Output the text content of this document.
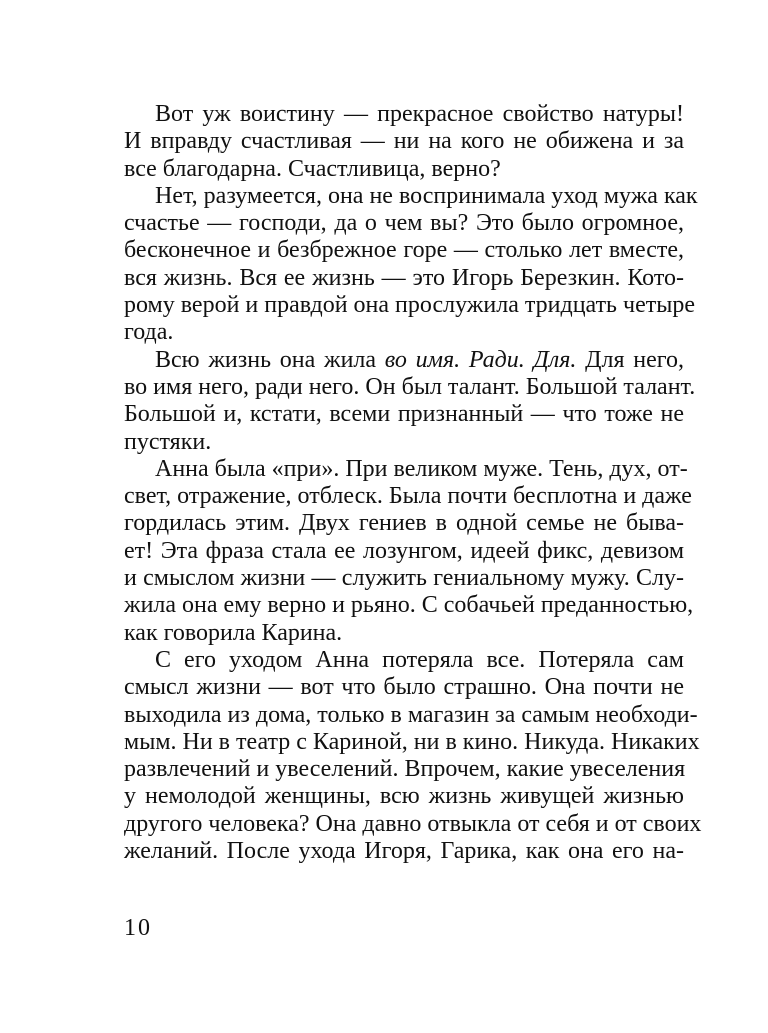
Вот уж воистину — прекрасное свойство натуры!
И вправду счастливая — ни на кого не обижена и за
все благодарна. Счастливица, верно?

Нет, разумеется, она не воспринимала уход мужа как
счастье — господи, да о чем вы? Это было огромное,
бесконечное и безбрежное горе — столько лет вместе,
вся жизнь. Вся ее жизнь — это Игорь Березкин. Кото-
рому верой и правдой она прослужила тридцать четыре
года.

Всю жизнь она жила во имя. Ради. Для. Для него,
во имя него, ради него. Он был талант. Большой талант.
Большой и, кстати, всеми признанный — что тоже не
пустяки.

Анна была «при». При великом муже. Тень, дух, от-
свет, отражение, отблеск. Была почти бесплотна и даже
гордилась этим. Двух гениев в одной семье не быва-
ет! Эта фраза стала ее лозунгом, идеей фикс, девизом
и смыслом жизни — служить гениальному мужу. Слу-
жила она ему верно и рьяно. С собачьей преданностью,
как говорила Карина.

С его уходом Анна потеряла все. Потеряла сам
смысл жизни — вот что было страшно. Она почти не
выходила из дома, только в магазин за самым необходи-
мым. Ни в театр с Кариной, ни в кино. Никуда. Никаких
развлечений и увеселений. Впрочем, какие увеселения
у немолодой женщины, всю жизнь живущей жизнью
другого человека? Она давно отвыкла от себя и от своих
желаний. После ухода Игоря, Гарика, как она его на-

10
